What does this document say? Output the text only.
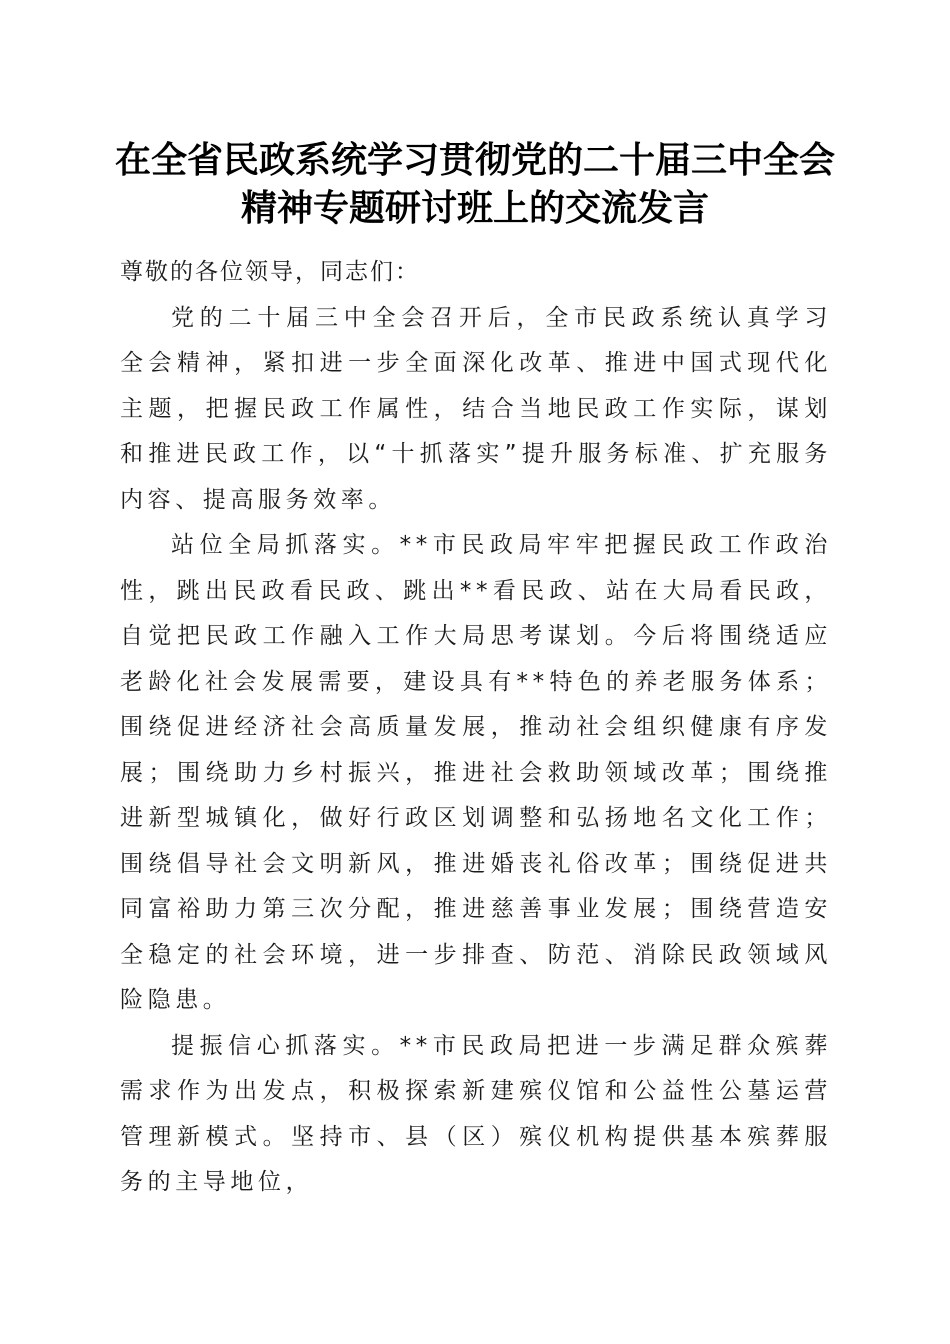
在全省民政系统学习贯彻党的二十届三中全会
精神专题研讨班上的交流发言

尊敬的各位领导，同志们：

党的二十届三中全会召开后，全市民政系统认真学习全会精神，紧扣进一步全面深化改革、推进中国式现代化主题，把握民政工作属性，结合当地民政工作实际，谋划和推进民政工作，以“十抓落实”提升服务标准、扩充服务内容、提高服务效率。

站位全局抓落实。**市民政局牢牢把握民政工作政治性，跳出民政看民政、跳出**看民政、站在大局看民政，自觉把民政工作融入工作大局思考谋划。今后将围绕适应老龄化社会发展需要，建设具有**特色的养老服务体系；围绕促进经济社会高质量发展，推动社会组织健康有序发展；围绕助力乡村振兴，推进社会救助领域改革；围绕推进新型城镇化，做好行政区划调整和弘扬地名文化工作；围绕倡导社会文明新风，推进婚丧礼俗改革；围绕促进共同富裕助力第三次分配，推进慈善事业发展；围绕营造安全稳定的社会环境，进一步排查、防范、消除民政领域风险隐患。

提振信心抓落实。**市民政局把进一步满足群众殡葬需求作为出发点，积极探索新建殡仪馆和公益性公墓运营管理新模式。坚持市、县（区）殡仪机构提供基本殡葬服务的主导地位，
